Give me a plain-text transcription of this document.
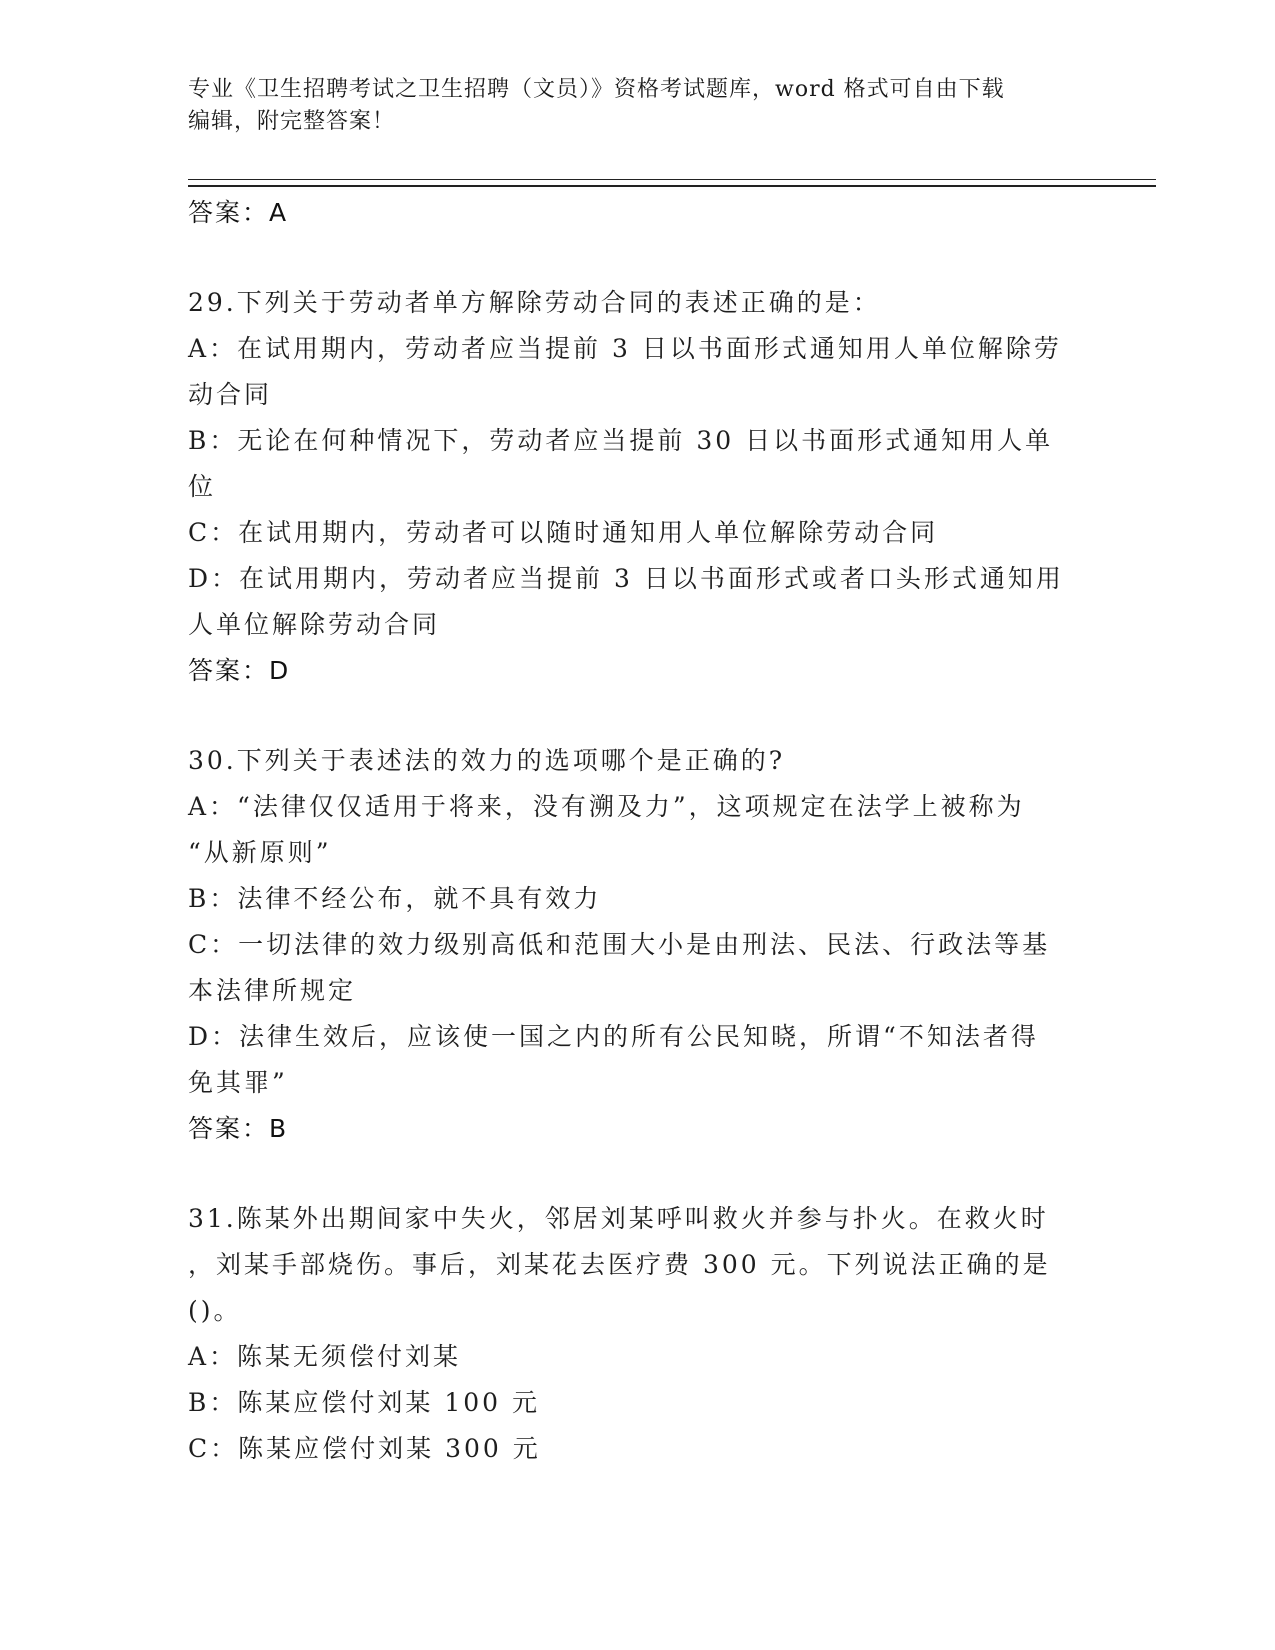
专业《卫生招聘考试之卫生招聘（文员）》资格考试题库，word 格式可自由下载
编辑，附完整答案！
答案：A

29.下列关于劳动者单方解除劳动合同的表述正确的是：

A：在试用期内，劳动者应当提前 3 日以书面形式通知用人单位解除劳
动合同

B：无论在何种情况下，劳动者应当提前 30 日以书面形式通知用人单
位

C：在试用期内，劳动者可以随时通知用人单位解除劳动合同

D：在试用期内，劳动者应当提前 3 日以书面形式或者口头形式通知用
人单位解除劳动合同

答案：D

30.下列关于表述法的效力的选项哪个是正确的?

A：“法律仅仅适用于将来，没有溯及力”，这项规定在法学上被称为
“从新原则”

B：法律不经公布，就不具有效力

C：一切法律的效力级别高低和范围大小是由刑法、民法、行政法等基
本法律所规定

D：法律生效后，应该使一国之内的所有公民知晓，所谓“不知法者得
免其罪”

答案：B

31.陈某外出期间家中失火，邻居刘某呼叫救火并参与扑火。在救火时
，刘某手部烧伤。事后，刘某花去医疗费 300 元。下列说法正确的是
()。

A：陈某无须偿付刘某

B：陈某应偿付刘某 100 元

C：陈某应偿付刘某 300 元
